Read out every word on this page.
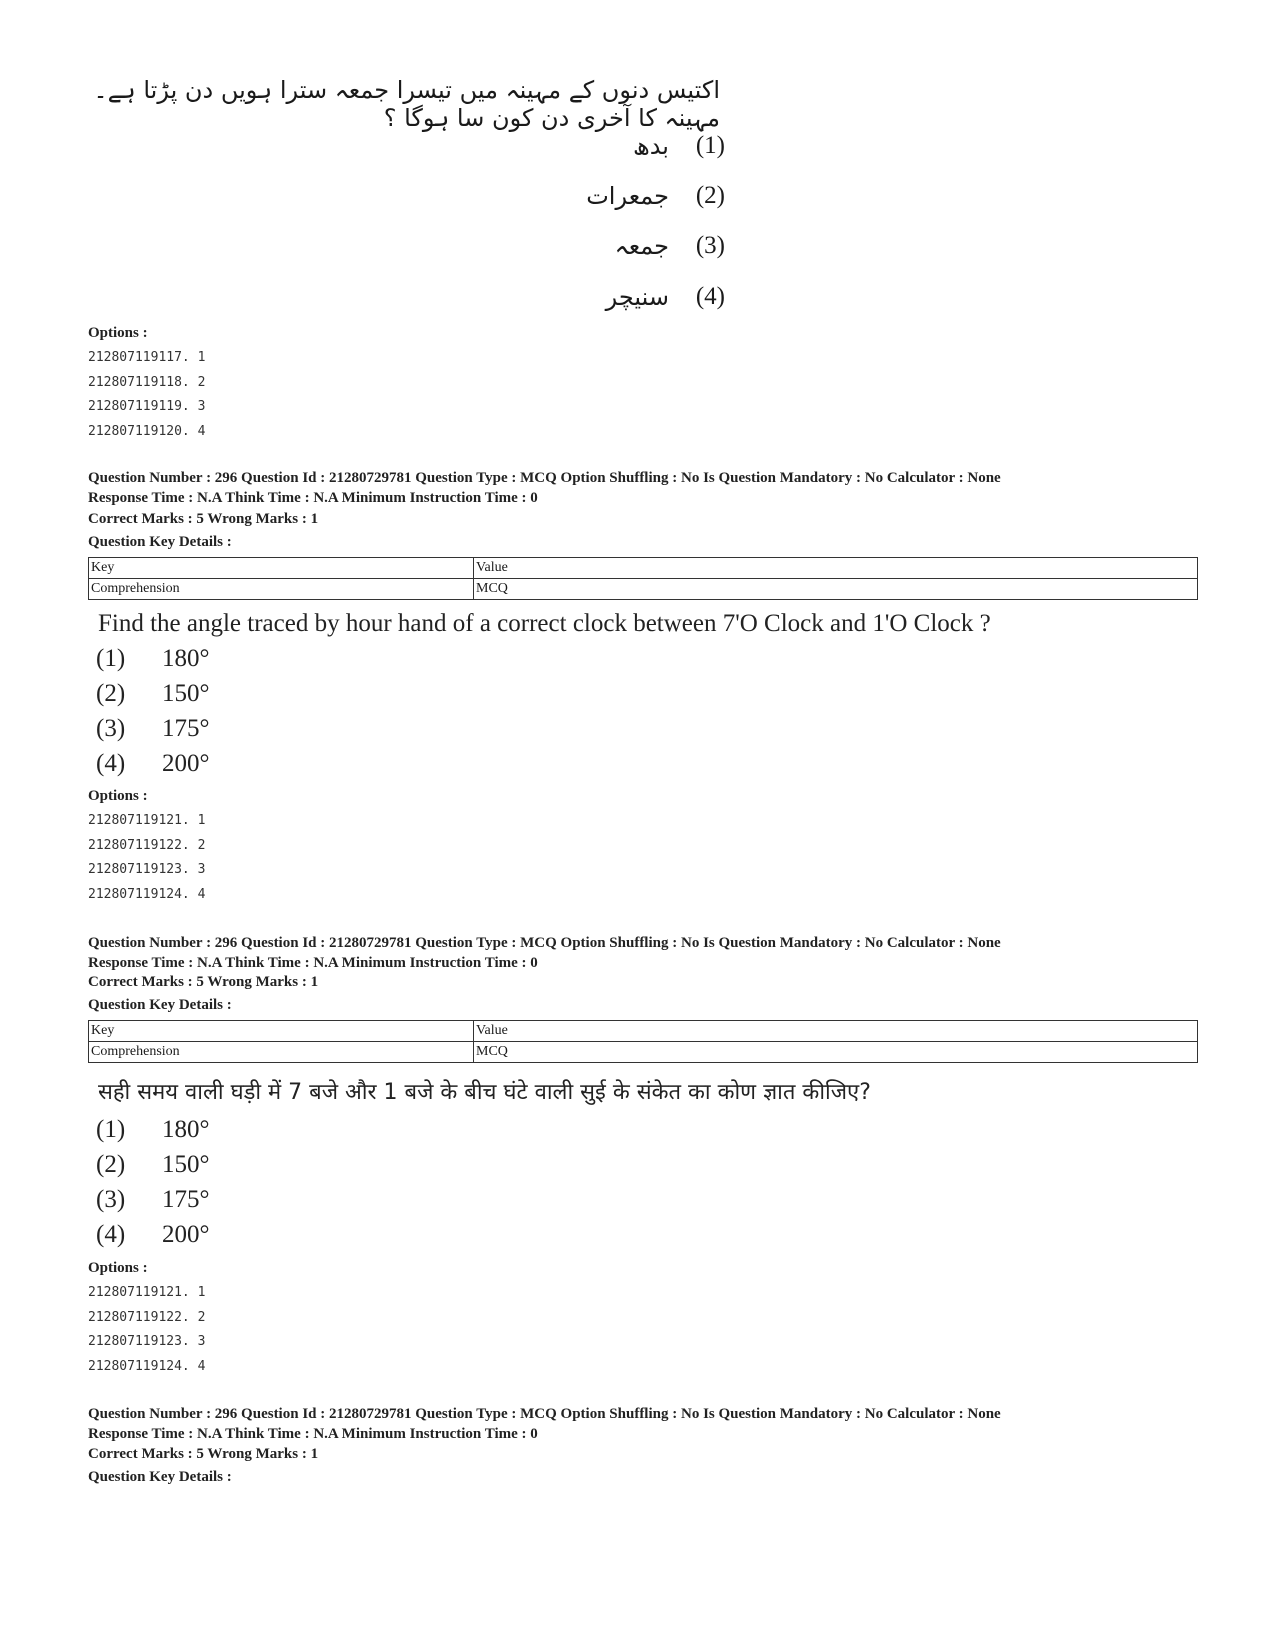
اکتیس دنوں کے مہینہ میں تیسرا جمعہ سترا ہویں دن پڑتا ہے۔ مہینہ کا آخری دن کون سا ہوگا ؟
بدھ (1)
جمعرات (2)
جمعہ (3)
سنیچر (4)
Options :
212807119117. 1
212807119118. 2
212807119119. 3
212807119120. 4
Question Number : 296 Question Id : 21280729781 Question Type : MCQ Option Shuffling : No Is Question Mandatory : No Calculator : None
Response Time : N.A Think Time : N.A Minimum Instruction Time : 0
Correct Marks : 5 Wrong Marks : 1
Question Key Details :
Key	Value
Comprehension	MCQ
Find the angle traced by hour hand of a correct clock between 7'O Clock and 1'O Clock ?
(1)	180°
(2)	150°
(3)	175°
(4)	200°
Options :
212807119121. 1
212807119122. 2
212807119123. 3
212807119124. 4
Question Number : 296 Question Id : 21280729781 Question Type : MCQ Option Shuffling : No Is Question Mandatory : No Calculator : None
Response Time : N.A Think Time : N.A Minimum Instruction Time : 0
Correct Marks : 5 Wrong Marks : 1
Question Key Details :
Key	Value
Comprehension	MCQ
सही समय वाली घड़ी में 7 बजे और 1 बजे के बीच घंटे वाली सुई के संकेत का कोण ज्ञात कीजिए?
(1)	180°
(2)	150°
(3)	175°
(4)	200°
Options :
212807119121. 1
212807119122. 2
212807119123. 3
212807119124. 4
Question Number : 296 Question Id : 21280729781 Question Type : MCQ Option Shuffling : No Is Question Mandatory : No Calculator : None
Response Time : N.A Think Time : N.A Minimum Instruction Time : 0
Correct Marks : 5 Wrong Marks : 1
Question Key Details :
